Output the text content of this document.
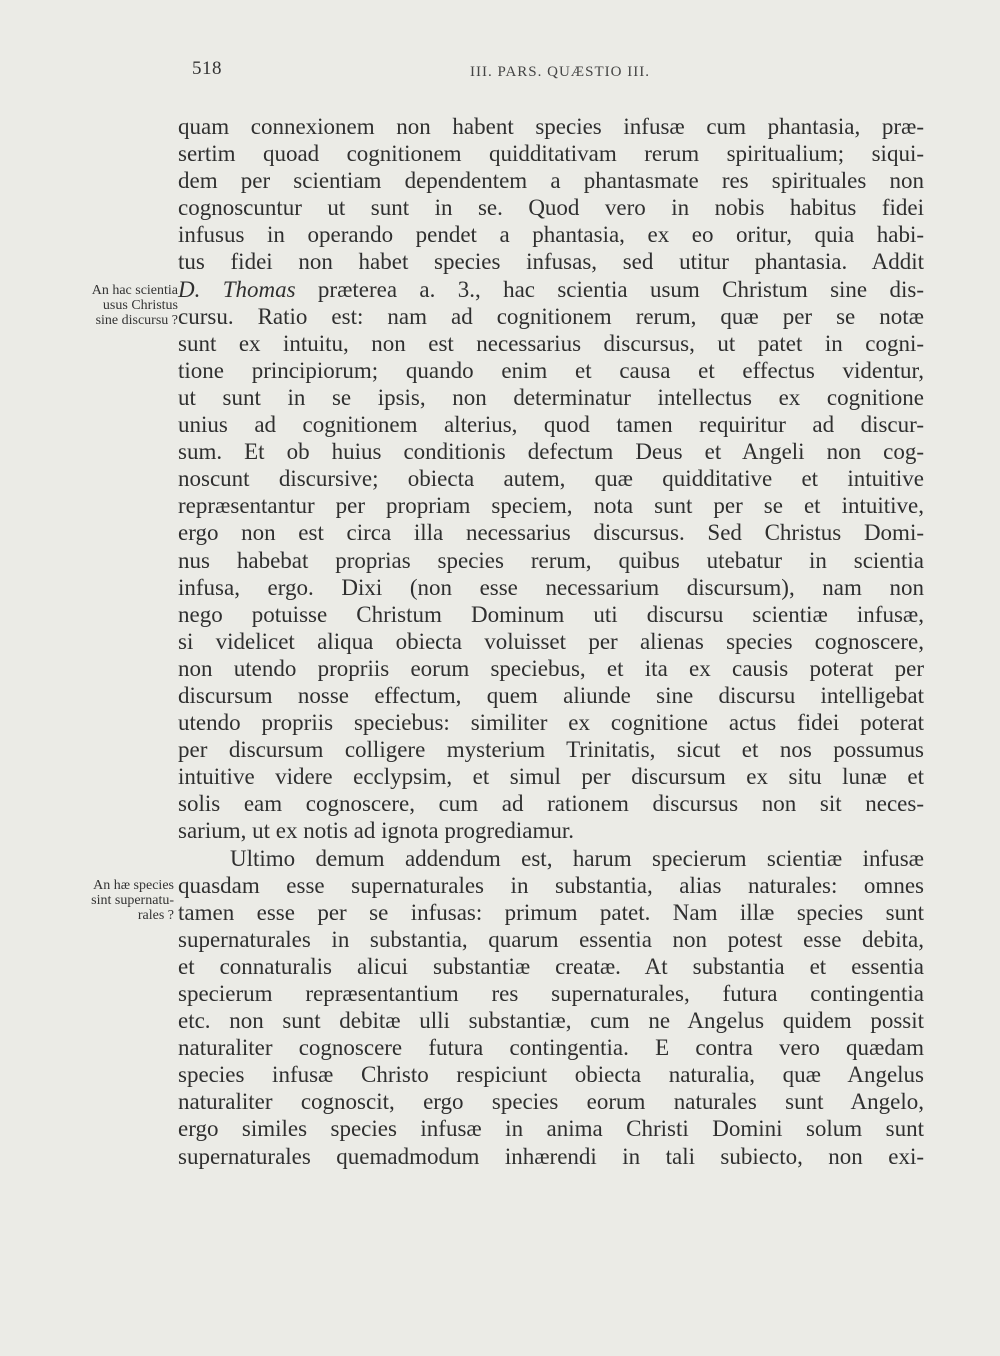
518	III. PARS. QUÆSTIO III.
An hac scientia
usus Christus
sine discursu ?
An hæ species
sint supernatu-
rales ?
quam connexionem non habent species infusæ cum phantasia, præ-
sertim quoad cognitionem quidditativam rerum spiritualium; siqui-
dem per scientiam dependentem a phantasmate res spirituales non
cognoscuntur ut sunt in se. Quod vero in nobis habitus fidei
infusus in operando pendet a phantasia, ex eo oritur, quia habi-
tus fidei non habet species infusas, sed utitur phantasia. Addit
D. Thomas præterea a. 3., hac scientia usum Christum sine dis-
cursu. Ratio est: nam ad cognitionem rerum, quæ per se notæ
sunt ex intuitu, non est necessarius discursus, ut patet in cogni-
tione principiorum; quando enim et causa et effectus videntur,
ut sunt in se ipsis, non determinatur intellectus ex cognitione
unius ad cognitionem alterius, quod tamen requiritur ad discur-
sum. Et ob huius conditionis defectum Deus et Angeli non cog-
noscunt discursive; obiecta autem, quæ quidditative et intuitive
repræsentantur per propriam speciem, nota sunt per se et intuitive,
ergo non est circa illa necessarius discursus. Sed Christus Domi-
nus habebat proprias species rerum, quibus utebatur in scientia
infusa, ergo. Dixi (non esse necessarium discursum), nam non
nego potuisse Christum Dominum uti discursu scientiæ infusæ,
si videlicet aliqua obiecta voluisset per alienas species cognoscere,
non utendo propriis eorum speciebus, et ita ex causis poterat per
discursum nosse effectum, quem aliunde sine discursu intelligebat
utendo propriis speciebus: similiter ex cognitione actus fidei poterat
per discursum colligere mysterium Trinitatis, sicut et nos possumus
intuitive videre ecclypsim, et simul per discursum ex situ lunæ et
solis eam cognoscere, cum ad rationem discursus non sit neces-
sarium, ut ex notis ad ignota progrediamur.
Ultimo demum addendum est, harum specierum scientiæ infusæ
quasdam esse supernaturales in substantia, alias naturales: omnes
tamen esse per se infusas: primum patet. Nam illæ species sunt
supernaturales in substantia, quarum essentia non potest esse debita,
et connaturalis alicui substantiæ creatæ. At substantia et essentia
specierum repræsentantium res supernaturales, futura contingentia
etc. non sunt debitæ ulli substantiæ, cum ne Angelus quidem possit
naturaliter cognoscere futura contingentia. E contra vero quædam
species infusæ Christo respiciunt obiecta naturalia, quæ Angelus
naturaliter cognoscit, ergo species eorum naturales sunt Angelo,
ergo similes species infusæ in anima Christi Domini solum sunt
supernaturales quemadmodum inhærendi in tali subiecto, non exi-
